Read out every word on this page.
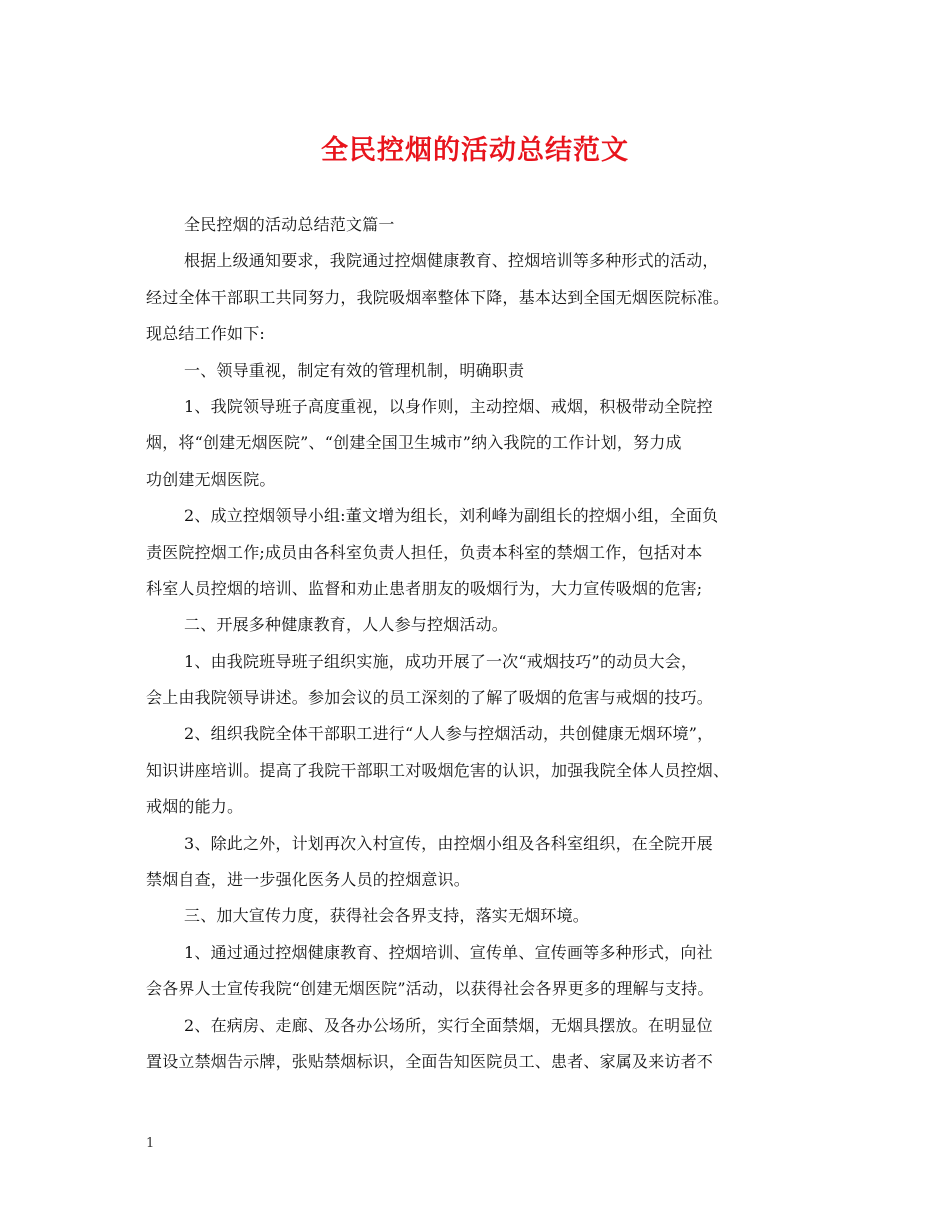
全民控烟的活动总结范文
全民控烟的活动总结范文篇一
根据上级通知要求，我院通过控烟健康教育、控烟培训等多种形式的活动，
经过全体干部职工共同努力，我院吸烟率整体下降，基本达到全国无烟医院标准。
现总结工作如下:
一、领导重视，制定有效的管理机制，明确职责
1、我院领导班子高度重视，以身作则，主动控烟、戒烟，积极带动全院控
烟，将“创建无烟医院”、“创建全国卫生城市”纳入我院的工作计划，努力成
功创建无烟医院。
2、成立控烟领导小组:董文增为组长，刘利峰为副组长的控烟小组，全面负
责医院控烟工作;成员由各科室负责人担任，负责本科室的禁烟工作，包括对本
科室人员控烟的培训、监督和劝止患者朋友的吸烟行为，大力宣传吸烟的危害;
二、开展多种健康教育，人人参与控烟活动。
1、由我院班导班子组织实施，成功开展了一次“戒烟技巧”的动员大会，
会上由我院领导讲述。参加会议的员工深刻的了解了吸烟的危害与戒烟的技巧。
2、组织我院全体干部职工进行“人人参与控烟活动，共创健康无烟环境”，
知识讲座培训。提高了我院干部职工对吸烟危害的认识，加强我院全体人员控烟、
戒烟的能力。
3、除此之外，计划再次入村宣传，由控烟小组及各科室组织，在全院开展
禁烟自查，进一步强化医务人员的控烟意识。
三、加大宣传力度，获得社会各界支持，落实无烟环境。
1、通过通过控烟健康教育、控烟培训、宣传单、宣传画等多种形式，向社
会各界人士宣传我院“创建无烟医院”活动，以获得社会各界更多的理解与支持。
2、在病房、走廊、及各办公场所，实行全面禁烟，无烟具摆放。在明显位
置设立禁烟告示牌，张贴禁烟标识，全面告知医院员工、患者、家属及来访者不
1
